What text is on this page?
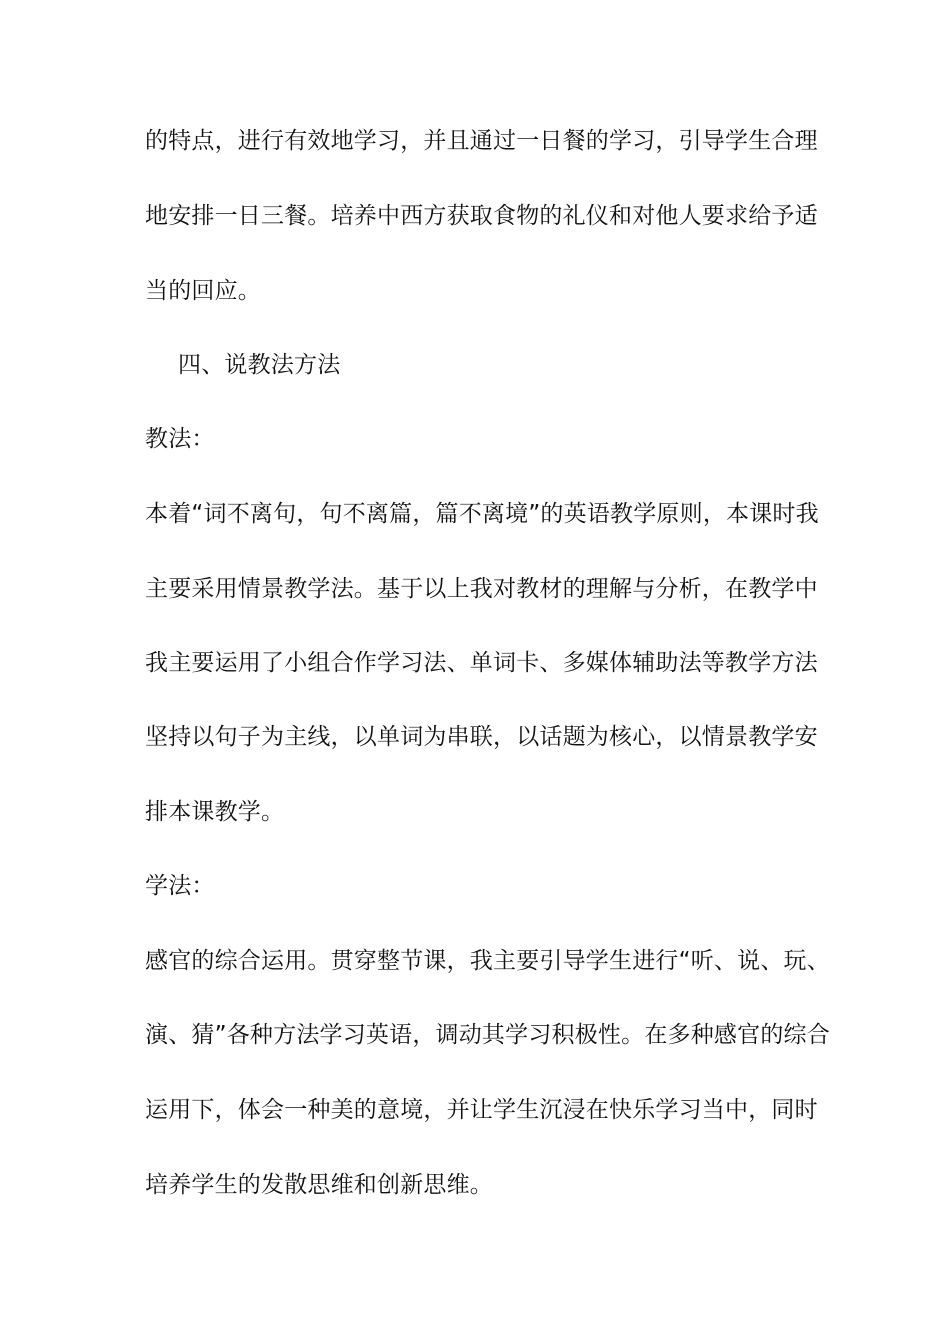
的特点，进行有效地学习，并且通过一日餐的学习，引导学生合理
地安排一日三餐。培养中西方获取食物的礼仪和对他人要求给予适
当的回应。
四、说教法方法
教法：
本着“词不离句，句不离篇，篇不离境”的英语教学原则，本课时我
主要采用情景教学法。基于以上我对教材的理解与分析，在教学中
我主要运用了小组合作学习法、单词卡、多媒体辅助法等教学方法
坚持以句子为主线，以单词为串联，以话题为核心，以情景教学安
排本课教学。
学法：
感官的综合运用。贯穿整节课，我主要引导学生进行“听、说、玩、
演、猜”各种方法学习英语，调动其学习积极性。在多种感官的综合
运用下，体会一种美的意境，并让学生沉浸在快乐学习当中，同时
培养学生的发散思维和创新思维。
